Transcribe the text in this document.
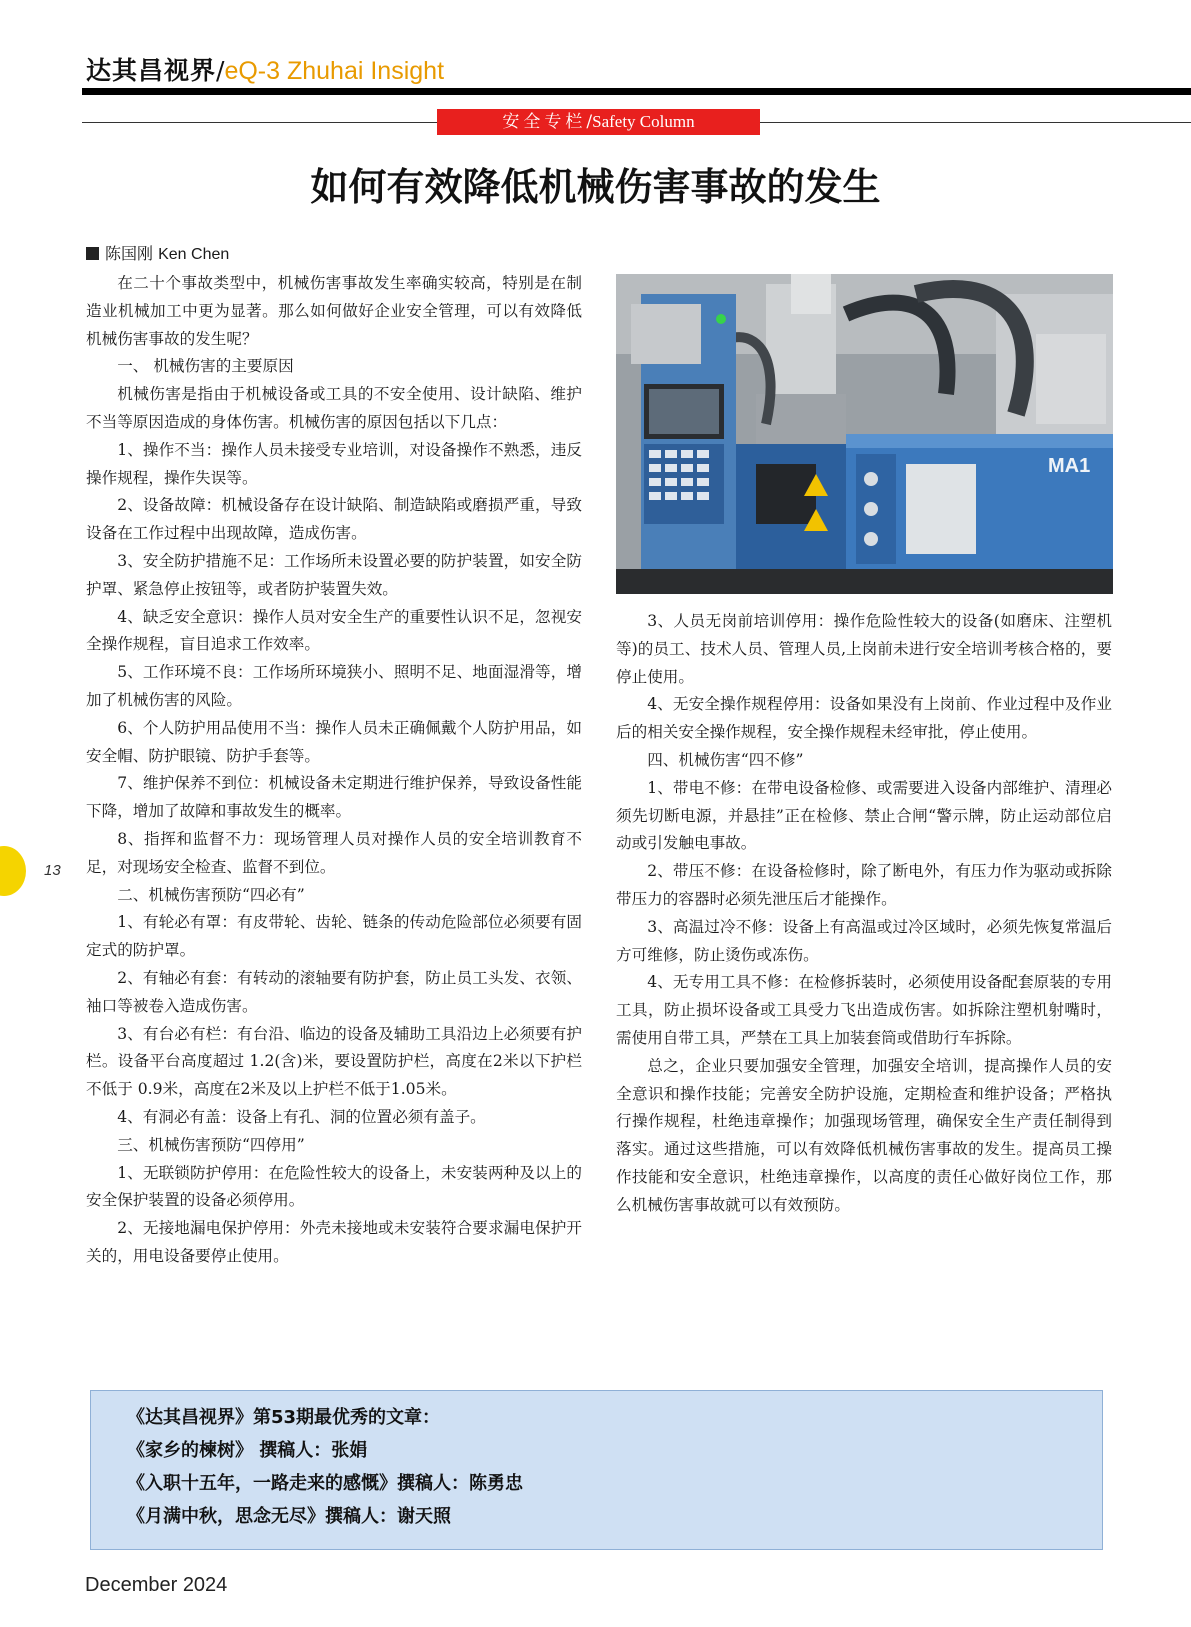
达其昌视界/eQ-3 Zhuhai Insight
安全专栏/Safety Column
如何有效降低机械伤害事故的发生
陈国刚 Ken Chen

在二十个事故类型中，机械伤害事故发生率确实较高，特别是在制造业机械加工中更为显著。那么如何做好企业安全管理，可以有效降低机械伤害事故的发生呢？

一、 机械伤害的主要原因

机械伤害是指由于机械设备或工具的不安全使用、设计缺陷、维护不当等原因造成的身体伤害。机械伤害的原因包括以下几点：

1、操作不当：操作人员未接受专业培训，对设备操作不熟悉，违反操作规程，操作失误等。

2、设备故障：机械设备存在设计缺陷、制造缺陷或磨损严重，导致设备在工作过程中出现故障，造成伤害。

3、安全防护措施不足：工作场所未设置必要的防护装置，如安全防护罩、紧急停止按钮等，或者防护装置失效。

4、缺乏安全意识：操作人员对安全生产的重要性认识不足，忽视安全操作规程，盲目追求工作效率。

5、工作环境不良：工作场所环境狭小、照明不足、地面湿滑等，增加了机械伤害的风险。

6、个人防护用品使用不当：操作人员未正确佩戴个人防护用品，如安全帽、防护眼镜、防护手套等。

7、维护保养不到位：机械设备未定期进行维护保养，导致设备性能下降，增加了故障和事故发生的概率。

8、指挥和监督不力：现场管理人员对操作人员的安全培训教育不足，对现场安全检查、监督不到位。

二、机械伤害预防“四必有”

1、有轮必有罩：有皮带轮、齿轮、链条的传动危险部位必须要有固定式的防护罩。

2、有轴必有套：有转动的滚轴要有防护套，防止员工头发、衣领、袖口等被卷入造成伤害。

3、有台必有栏：有台沿、临边的设备及辅助工具沿边上必须要有护栏。设备平台高度超过 1.2(含)米，要设置防护栏，高度在2米以下护栏不低于 0.9米，高度在2米及以上护栏不低于1.05米。

4、有洞必有盖：设备上有孔、洞的位置必须有盖子。

三、机械伤害预防“四停用”

1、无联锁防护停用：在危险性较大的设备上，未安装两种及以上的安全保护装置的设备必须停用。

2、无接地漏电保护停用：外壳未接地或未安装符合要求漏电保护开关的，用电设备要停止使用。

MA1

3、人员无岗前培训停用：操作危险性较大的设备(如磨床、注塑机等)的员工、技术人员、管理人员,上岗前未进行安全培训考核合格的，要停止使用。

4、无安全操作规程停用：设备如果没有上岗前、作业过程中及作业后的相关安全操作规程，安全操作规程未经审批，停止使用。

四、机械伤害“四不修”

1、带电不修：在带电设备检修、或需要进入设备内部维护、清理必须先切断电源，并悬挂”正在检修、禁止合闸“警示牌，防止运动部位启动或引发触电事故。

2、带压不修：在设备检修时，除了断电外，有压力作为驱动或拆除带压力的容器时必须先泄压后才能操作。

3、高温过冷不修：设备上有高温或过冷区域时，必须先恢复常温后方可维修，防止烫伤或冻伤。

4、无专用工具不修：在检修拆装时，必须使用设备配套原装的专用工具，防止损坏设备或工具受力飞出造成伤害。如拆除注塑机射嘴时，需使用自带工具，严禁在工具上加装套筒或借助行车拆除。

总之，企业只要加强安全管理，加强安全培训，提高操作人员的安全意识和操作技能；完善安全防护设施，定期检查和维护设备；严格执行操作规程，杜绝违章操作；加强现场管理，确保安全生产责任制得到落实。通过这些措施，可以有效降低机械伤害事故的发生。提高员工操作技能和安全意识，杜绝违章操作，以高度的责任心做好岗位工作，那么机械伤害事故就可以有效预防。

13
《达其昌视界》第53期最优秀的文章：
《家乡的楝树》 撰稿人：张娟
《入职十五年，一路走来的感慨》撰稿人：陈勇忠
《月满中秋，思念无尽》撰稿人：谢天照
December 2024
